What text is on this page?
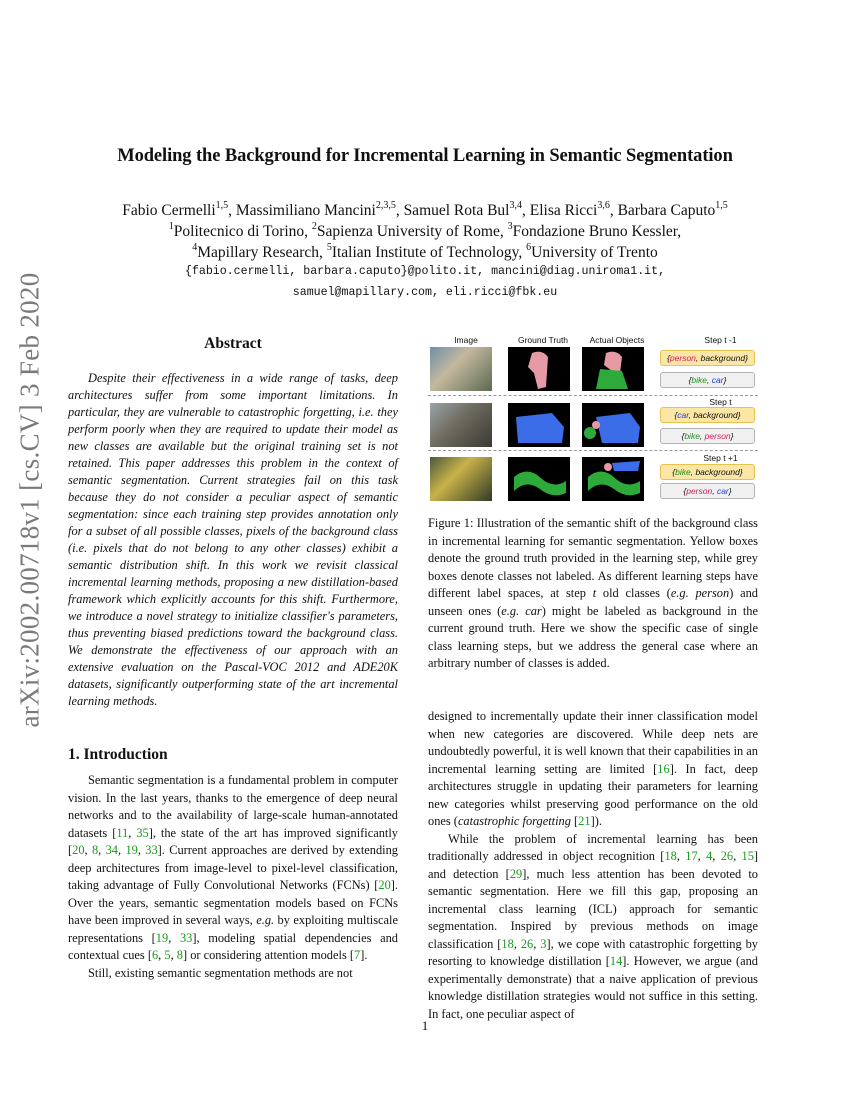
arXiv:2002.00718v1 [cs.CV] 3 Feb 2020
Modeling the Background for Incremental Learning in Semantic Segmentation
Fabio Cermelli$^{1,5}$, Massimiliano Mancini$^{2,3,5}$, Samuel Rota Bul$^{3,4}$, Elisa Ricci$^{3,6}$, Barbara Caputo$^{1,5}$
$^1$Politecnico di Torino, $^2$Sapienza University of Rome, $^3$Fondazione Bruno Kessler,
$^4$Mapillary Research, $^5$Italian Institute of Technology, $^6$University of Trento
{fabio.cermelli, barbara.caputo}@polito.it, mancini@diag.uniroma1.it,
samuel@mapillary.com, eli.ricci@fbk.eu
Abstract
Despite their effectiveness in a wide range of tasks, deep architectures suffer from some important limitations. In particular, they are vulnerable to catastrophic forgetting, i.e. they perform poorly when they are required to update their model as new classes are available but the original training set is not retained. This paper addresses this problem in the context of semantic segmentation. Current strategies fail on this task because they do not consider a peculiar aspect of semantic segmentation: since each training step provides annotation only for a subset of all possible classes, pixels of the background class (i.e. pixels that do not belong to any other classes) exhibit a semantic distribution shift. In this work we revisit classical incremental learning methods, proposing a new distillation-based framework which explicitly accounts for this shift. Furthermore, we introduce a novel strategy to initialize classifier's parameters, thus preventing biased predictions toward the background class. We demonstrate the effectiveness of our approach with an extensive evaluation on the Pascal-VOC 2012 and ADE20K datasets, significantly outperforming state of the art incremental learning methods.
1. Introduction

Semantic segmentation is a fundamental problem in computer vision. In the last years, thanks to the emergence of deep neural networks and to the availability of large-scale human-annotated datasets [11, 35], the state of the art has improved significantly [20, 8, 34, 19, 33]. Current approaches are derived by extending deep architectures from image-level to pixel-level classification, taking advantage of Fully Convolutional Networks (FCNs) [20]. Over the years, semantic segmentation models based on FCNs have been improved in several ways, e.g. by exploiting multiscale representations [19, 33], modeling spatial dependencies and contextual cues [6, 5, 8] or considering attention models [7].

Still, existing semantic segmentation methods are not

Image	Ground Truth	Actual Objects	Step t -1
{person, background}
{bike, car}
Step t
{car, background}
{bike, person}
Step t +1
{bike, background}
{person, car}
Figure 1: Illustration of the semantic shift of the background class in incremental learning for semantic segmentation. Yellow boxes denote the ground truth provided in the learning step, while grey boxes denote classes not labeled. As different learning steps have different label spaces, at step t old classes (e.g. person) and unseen ones (e.g. car) might be labeled as background in the current ground truth. Here we show the specific case of single class learning steps, but we address the general case where an arbitrary number of classes is added.

designed to incrementally update their inner classification model when new categories are discovered. While deep nets are undoubtedly powerful, it is well known that their capabilities in an incremental learning setting are limited [16]. In fact, deep architectures struggle in updating their parameters for learning new categories whilst preserving good performance on the old ones (catastrophic forgetting [21]).

While the problem of incremental learning has been traditionally addressed in object recognition [18, 17, 4, 26, 15] and detection [29], much less attention has been devoted to semantic segmentation. Here we fill this gap, proposing an incremental class learning (ICL) approach for semantic segmentation. Inspired by previous methods on image classification [18, 26, 3], we cope with catastrophic forgetting by resorting to knowledge distillation [14]. However, we argue (and experimentally demonstrate) that a naive application of previous knowledge distillation strategies would not suffice in this setting. In fact, one peculiar aspect of

1
